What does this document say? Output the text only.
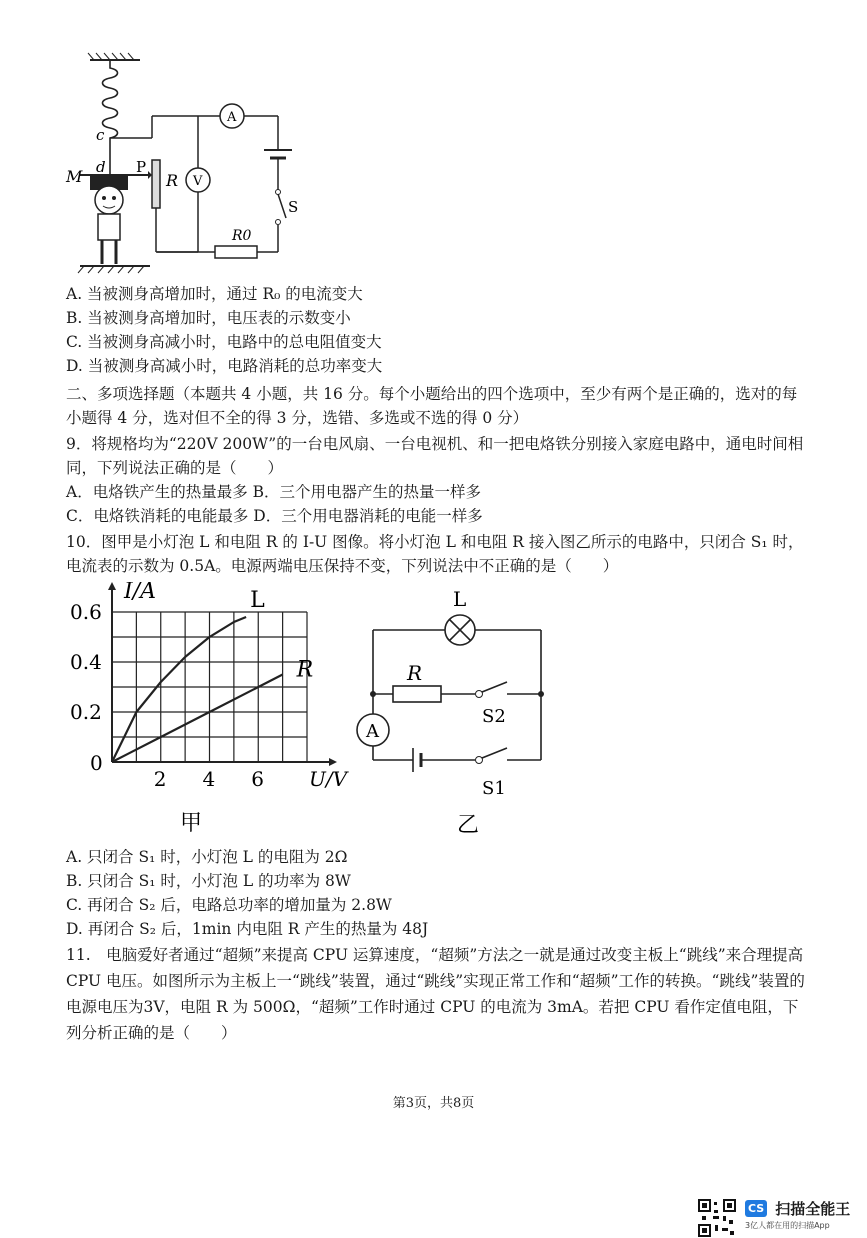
c
d
M	P
R V
A
S
R0
A. 当被测身高增加时，通过 R₀ 的电流变大
B. 当被测身高增加时，电压表的示数变小
C. 当被测身高减小时，电路中的总电阻值变大
D. 当被测身高减小时，电路消耗的总功率变大
二、多项选择题（本题共 4 小题，共 16 分。每个小题给出的四个选项中，至少有两个是正确的，选对的每小题得 4 分，选对但不全的得 3 分，选错、多选或不选的得 0 分）
9．将规格均为“220V 200W”的一台电风扇、一台电视机、和一把电烙铁分别接入家庭电路中，通电时间相同，下列说法正确的是（　　）
A．电烙铁产生的热量最多 B．三个用电器产生的热量一样多
C．电烙铁消耗的电能最多 D．三个用电器消耗的电能一样多
10．图甲是小灯泡 L 和电阻 R 的 I-U 图像。将小灯泡 L 和电阻 R 接入图乙所示的电路中，只闭合 S₁ 时，电流表的示数为 0.5A。电源两端电压保持不变，下列说法中不正确的是（　　）
L
R
2 4 6
0.6
0.4
0.2
0
I/A
U/V
甲
L
R
A
S2
S1
乙
A. 只闭合 S₁ 时，小灯泡 L 的电阻为 2Ω
B. 只闭合 S₁ 时，小灯泡 L 的功率为 8W
C. 再闭合 S₂ 后，电路总功率的增加量为 2.8W
D. 再闭合 S₂ 后，1min 内电阻 R 产生的热量为 48J
11.　电脑爱好者通过“超频”来提高 CPU 运算速度，“超频”方法之一就是通过改变主板上“跳线”来合理提高 CPU 电压。如图所示为主板上一“跳线”装置，通过“跳线”实现正常工作和“超频”工作的转换。“跳线”装置的电源电压为3V，电阻 R 为 500Ω，“超频”工作时通过 CPU 的电流为 3mA。若把 CPU 看作定值电阻，下列分析正确的是（　　）
第3页，共8页
CS 扫描全能王
3亿人都在用的扫描App
